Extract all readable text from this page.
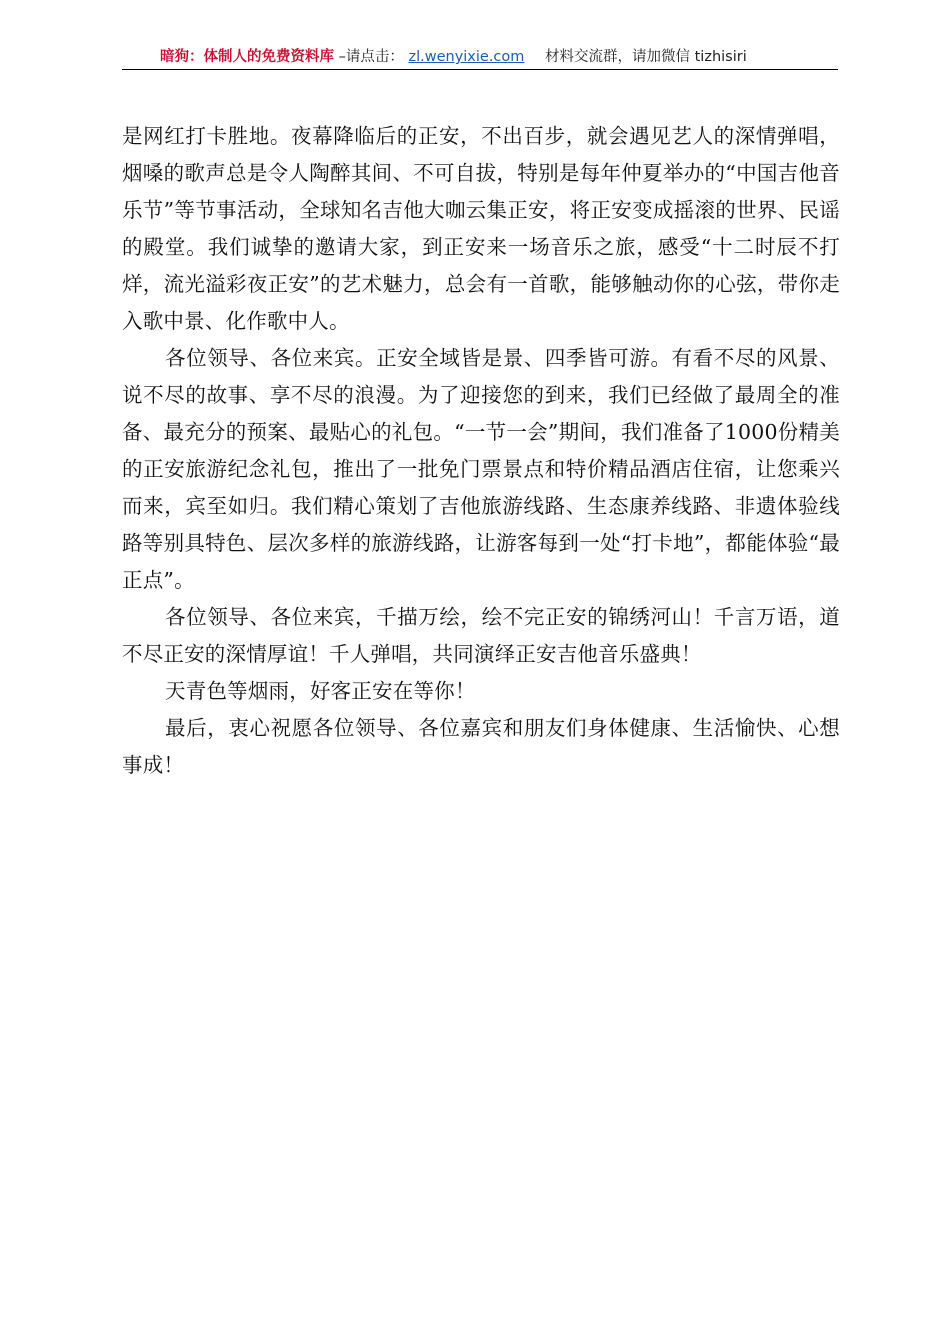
暗狗：体制人的免费资料库 –请点击： zl.wenyixie.com 材料交流群，请加微信 tizhisiri

是网红打卡胜地。夜幕降临后的正安，不出百步，就会遇见艺人的深情弹唱，烟嗓的歌声总是令人陶醉其间、不可自拔，特别是每年仲夏举办的“中国吉他音乐节”等节事活动，全球知名吉他大咖云集正安，将正安变成摇滚的世界、民谣的殿堂。我们诚挚的邀请大家，到正安来一场音乐之旅，感受“十二时辰不打烊，流光溢彩夜正安”的艺术魅力，总会有一首歌，能够触动你的心弦，带你走入歌中景、化作歌中人。

各位领导、各位来宾。正安全域皆是景、四季皆可游。有看不尽的风景、说不尽的故事、享不尽的浪漫。为了迎接您的到来，我们已经做了最周全的准备、最充分的预案、最贴心的礼包。“一节一会”期间，我们准备了1000份精美的正安旅游纪念礼包，推出了一批免门票景点和特价精品酒店住宿，让您乘兴而来，宾至如归。我们精心策划了吉他旅游线路、生态康养线路、非遗体验线路等别具特色、层次多样的旅游线路，让游客每到一处“打卡地”，都能体验“最正点”。

各位领导、各位来宾，千描万绘，绘不完正安的锦绣河山！千言万语，道不尽正安的深情厚谊！千人弹唱，共同演绎正安吉他音乐盛典！

天青色等烟雨，好客正安在等你！

最后，衷心祝愿各位领导、各位嘉宾和朋友们身体健康、生活愉快、心想事成！
